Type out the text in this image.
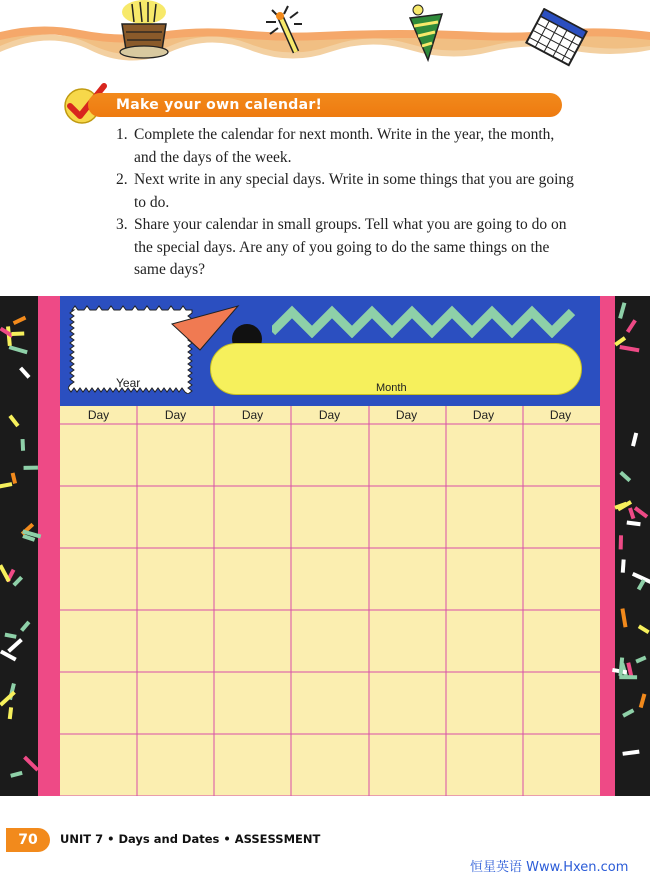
Make your own calendar!
1. Complete the calendar for next month. Write in the year, the month, and the days of the week.
2. Next write in any special days. Write in some things that you are going to do.
3. Share your calendar in small groups. Tell what you are going to do on the special days. Are any of you going to do the same things on the same days?
Year	Month
Day	Day	Day	Day	Day	Day	Day
70	UNIT 7 • Days and Dates • ASSESSMENT
恒星英语 Www.Hxen.com
